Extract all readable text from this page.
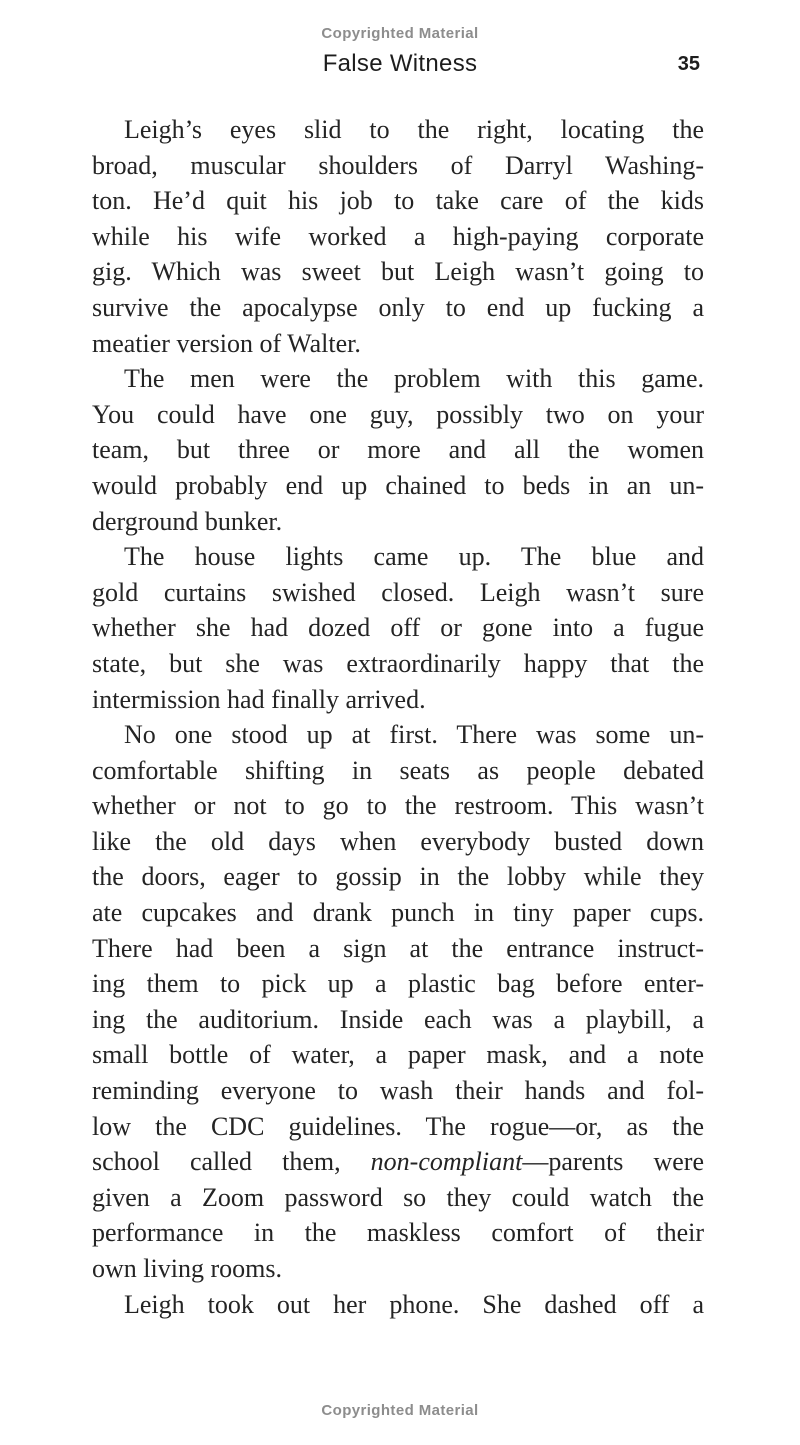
Copyrighted Material
False Witness	35
Leigh’s eyes slid to the right, locating the
broad, muscular shoulders of Darryl Washing-
ton. He’d quit his job to take care of the kids
while his wife worked a high-paying corporate
gig. Which was sweet but Leigh wasn’t going to
survive the apocalypse only to end up fucking a
meatier version of Walter.
The men were the problem with this game.
You could have one guy, possibly two on your
team, but three or more and all the women
would probably end up chained to beds in an un-
derground bunker.
The house lights came up. The blue and
gold curtains swished closed. Leigh wasn’t sure
whether she had dozed off or gone into a fugue
state, but she was extraordinarily happy that the
intermission had finally arrived.
No one stood up at first. There was some un-
comfortable shifting in seats as people debated
whether or not to go to the restroom. This wasn’t
like the old days when everybody busted down
the doors, eager to gossip in the lobby while they
ate cupcakes and drank punch in tiny paper cups.
There had been a sign at the entrance instruct-
ing them to pick up a plastic bag before enter-
ing the auditorium. Inside each was a playbill, a
small bottle of water, a paper mask, and a note
reminding everyone to wash their hands and fol-
low the CDC guidelines. The rogue—or, as the
school called them, non-compliant—parents were
given a Zoom password so they could watch the
performance in the maskless comfort of their
own living rooms.
Leigh took out her phone. She dashed off a
Copyrighted Material
